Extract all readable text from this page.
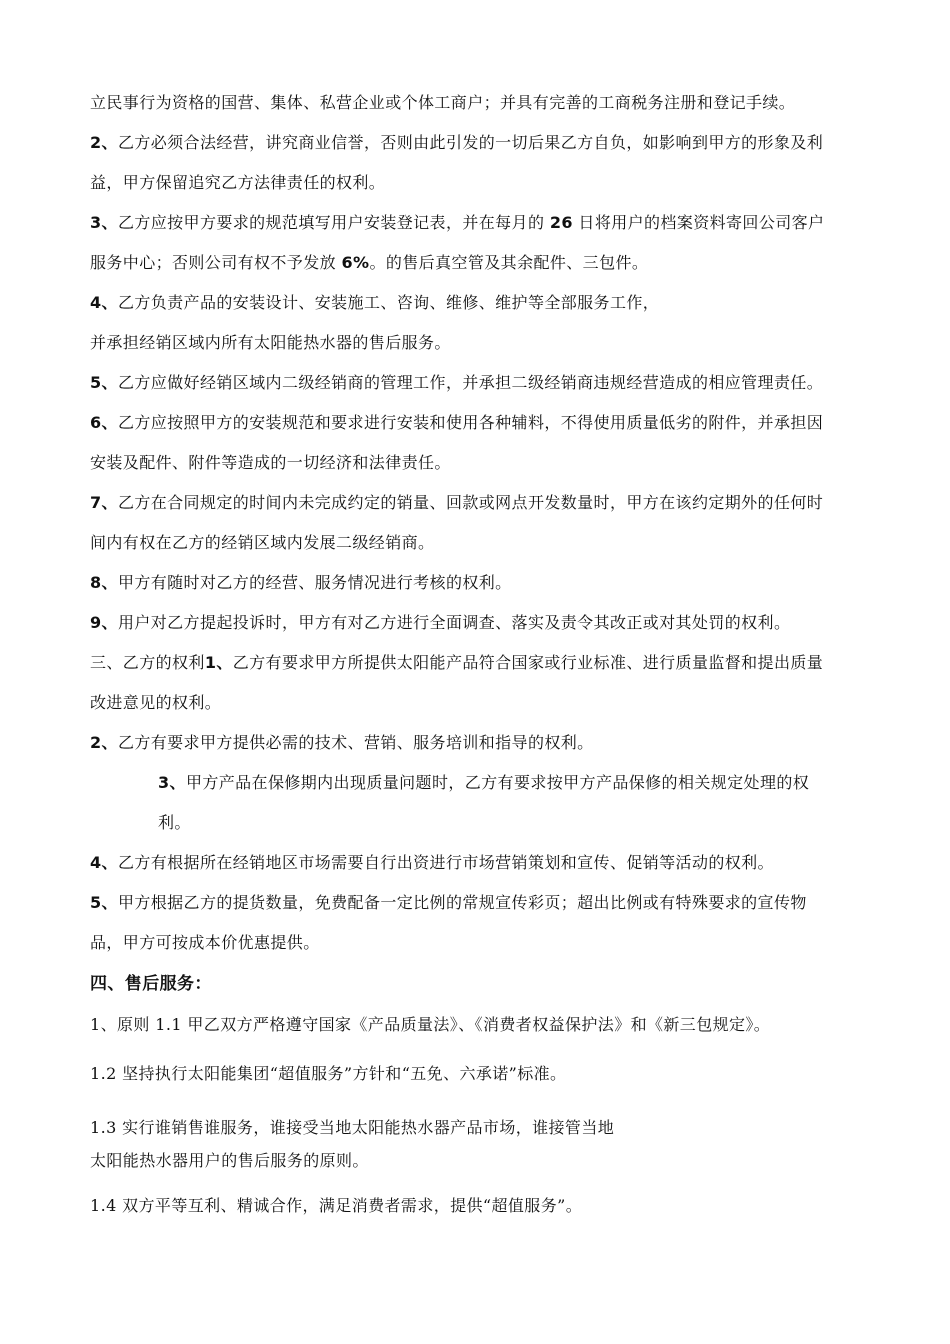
立民事行为资格的国营、集体、私营企业或个体工商户；并具有完善的工商税务注册和登记手续。
2、乙方必须合法经营，讲究商业信誉，否则由此引发的一切后果乙方自负，如影响到甲方的形象及利
益，甲方保留追究乙方法律责任的权利。
3、乙方应按甲方要求的规范填写用户安装登记表，并在每月的 26 日将用户的档案资料寄回公司客户
服务中心；否则公司有权不予发放 6%。的售后真空管及其余配件、三包件。
4、乙方负责产品的安装设计、安装施工、咨询、维修、维护等全部服务工作，
并承担经销区域内所有太阳能热水器的售后服务。
5、乙方应做好经销区域内二级经销商的管理工作，并承担二级经销商违规经营造成的相应管理责任。
6、乙方应按照甲方的安装规范和要求进行安装和使用各种辅料，不得使用质量低劣的附件，并承担因
安装及配件、附件等造成的一切经济和法律责任。
7、乙方在合同规定的时间内未完成约定的销量、回款或网点开发数量时，甲方在该约定期外的任何时
间内有权在乙方的经销区域内发展二级经销商。
8、甲方有随时对乙方的经营、服务情况进行考核的权利。
9、用户对乙方提起投诉时，甲方有对乙方进行全面调查、落实及责令其改正或对其处罚的权利。
三、乙方的权利1、乙方有要求甲方所提供太阳能产品符合国家或行业标准、进行质量监督和提出质量
改进意见的权利。
2、乙方有要求甲方提供必需的技术、营销、服务培训和指导的权利。
3、甲方产品在保修期内出现质量问题时，乙方有要求按甲方产品保修的相关规定处理的权
利。
4、乙方有根据所在经销地区市场需要自行出资进行市场营销策划和宣传、促销等活动的权利。
5、甲方根据乙方的提货数量，免费配备一定比例的常规宣传彩页；超出比例或有特殊要求的宣传物
品，甲方可按成本价优惠提供。
四、售后服务：
1、原则 1.1 甲乙双方严格遵守国家《产品质量法》、《消费者权益保护法》和《新三包规定》。
1.2 坚持执行太阳能集团“超值服务”方针和“五免、六承诺”标准。
1.3 实行谁销售谁服务，谁接受当地太阳能热水器产品市场，谁接管当地
太阳能热水器用户的售后服务的原则。
1.4 双方平等互利、精诚合作，满足消费者需求，提供“超值服务”。
